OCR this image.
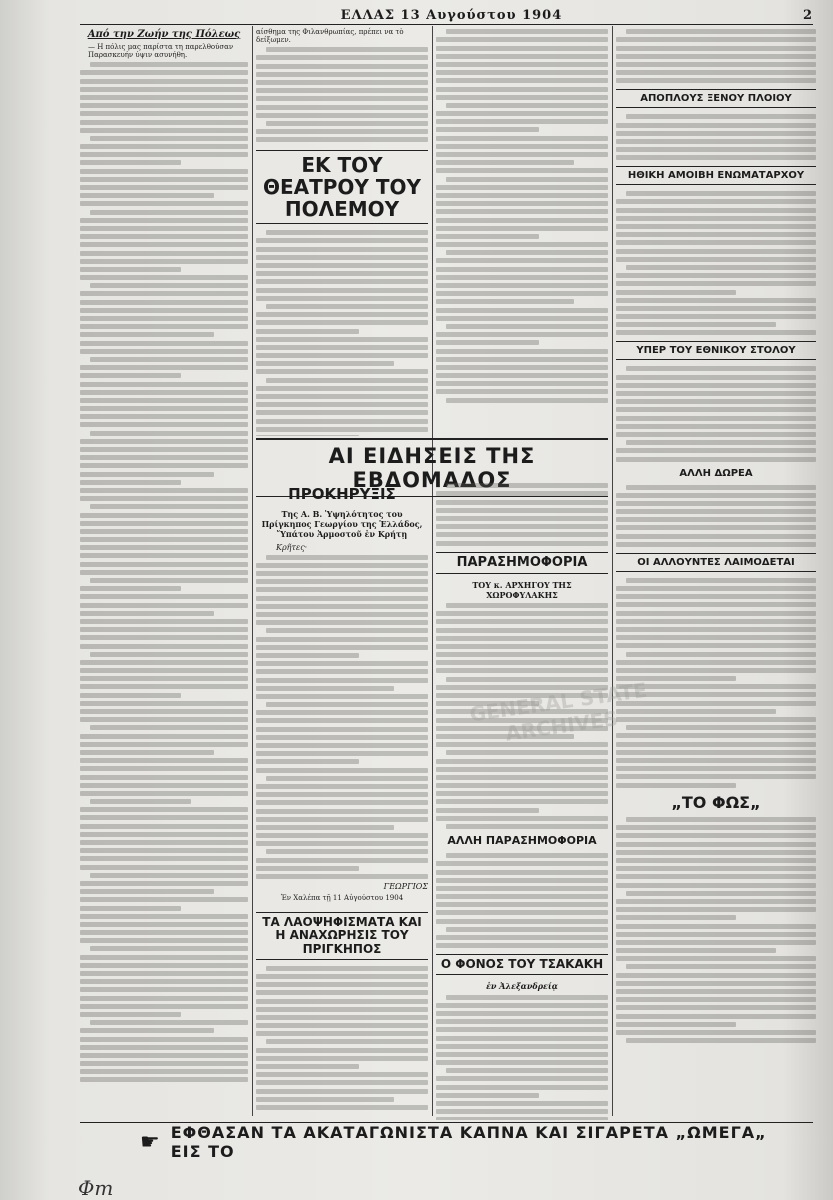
ΕΛΛΑΣ 13 Αυγούστου 1904	2
Από την Ζωήν της Πόλεως
— Η πόλις μας παρίστα τη παρελθούσαν Παρασκευήν ύψιν ασυνήθη.
αίσθημα της Φιλανθρωπίας, πρέπει να τὸ δείξωμεν.
ΕΚ ΤΟΥ ΘΕΑΤΡΟΥ ΤΟΥ ΠΟΛΕΜΟΥ
ΑΙ ΕΙΔΗΣΕΙΣ ΤΗΣ ΕΒΔΟΜΑΔΟΣ
ΠΡΟΚΗΡΥΞΙΣ
Της Α. Β. Ὑψηλότητος του Πρίγκηπος Γεωργίου της Ἑλλάδος, Ὕπάτου Ἁρμοστοῦ ἐν Κρήτῃ
Κρῆτες·
ΓΕΩΡΓΙΟΣ
Ἐν Χαλέπα τῇ 11 Αὐγούστου 1904
ΤΑ ΛΑΟΨΗΦΙΣΜΑΤΑ ΚΑΙ Η ΑΝΑΧΩΡΗΣΙΣ ΤΟΥ ΠΡΙΓΚΗΠΟΣ
ΠΑΡΑΣΗΜΟΦΟΡΙΑ
ΤΟΥ κ. ΑΡΧΗΓΟΥ ΤΗΣ ΧΩΡΟΦΥΛΑΚΗΣ
ΑΛΛΗ ΠΑΡΑΣΗΜΟΦΟΡΙΑ
Ο ΦΟΝΟΣ ΤΟΥ ΤΣΑΚΑΚΗ
ἐν Ἀλεξανδρείᾳ
ΑΠΟΠΛΟΥΣ ΞΕΝΟΥ ΠΛΟΙΟΥ
ΗΘΙΚΗ ΑΜΟΙΒΗ ΕΝΩΜΑΤΑΡΧΟΥ
ΥΠΕΡ ΤΟΥ ΕΘΝΙΚΟΥ ΣΤΟΛΟΥ
ΑΛΛΗ ΔΩΡΕΑ
ΟΙ ΑΛΛΟΥΝΤΕΣ ΛΑΙΜΟΔΕΤΑΙ
„ΤΟ ΦΩΣ„
GENERAL STATE ARCHIVES
☛ ΕΦΘΑΣΑΝ ΤΑ ΑΚΑΤΑΓΩΝΙΣΤΑ ΚΑΠΝΑ ΚΑΙ ΣΙΓΑΡΕΤΑ „ΩΜΕΓΑ„ ΕΙΣ ΤΟ
Φm
